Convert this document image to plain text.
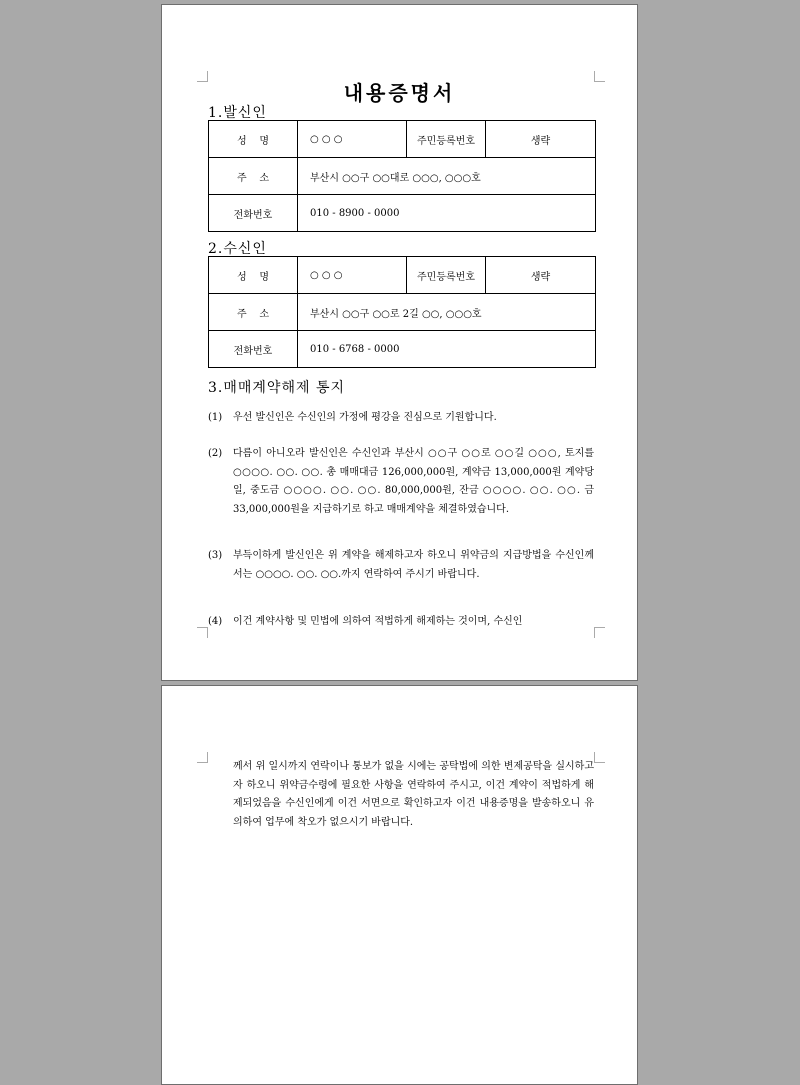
내용증명서
1.발신인
성    명	○ ○ ○	주민등록번호	생략
주    소	부산시 ○○구 ○○대로 ○○○, ○○○호		
전화번호	010 - 8900 - 0000		
2.수신인
성    명	○ ○ ○	주민등록번호	생략
주    소	부산시 ○○구 ○○로 2길 ○○, ○○○호		
전화번호	010 - 6768 - 0000		
3.매매계약해제 통지
(1) 우선 발신인은 수신인의 가정에 평강을 진심으로 기원합니다.
(2) 다름이 아니오라 발신인은 수신인과 부산시 ○○구 ○○로 ○○길 ○○○, 토지를 ○○○○. ○○. ○○. 총 매매대금 126,000,000원, 계약금 13,000,000원 계약당일, 중도금 ○○○○. ○○. ○○. 80,000,000원, 잔금 ○○○○. ○○. ○○. 금 33,000,000원을 지급하기로 하고 매매계약을 체결하였습니다.
(3) 부득이하게 발신인은 위 계약을 해제하고자 하오니 위약금의 지급방법을 수신인께서는 ○○○○. ○○. ○○.까지 연락하여 주시기 바랍니다.
(4) 이건 계약사항 및 민법에 의하여 적법하게 해제하는 것이며, 수신인
께서 위 일시까지 연락이나 통보가 없을 시에는 공탁법에 의한 변제공탁을 실시하고자 하오니 위약금수령에 필요한 사항을 연락하여 주시고, 이건 계약이 적법하게 해제되었음을 수신인에게 이건 서면으로 확인하고자 이건 내용증명을 발송하오니 유의하여 업무에 착오가 없으시기 바랍니다.
